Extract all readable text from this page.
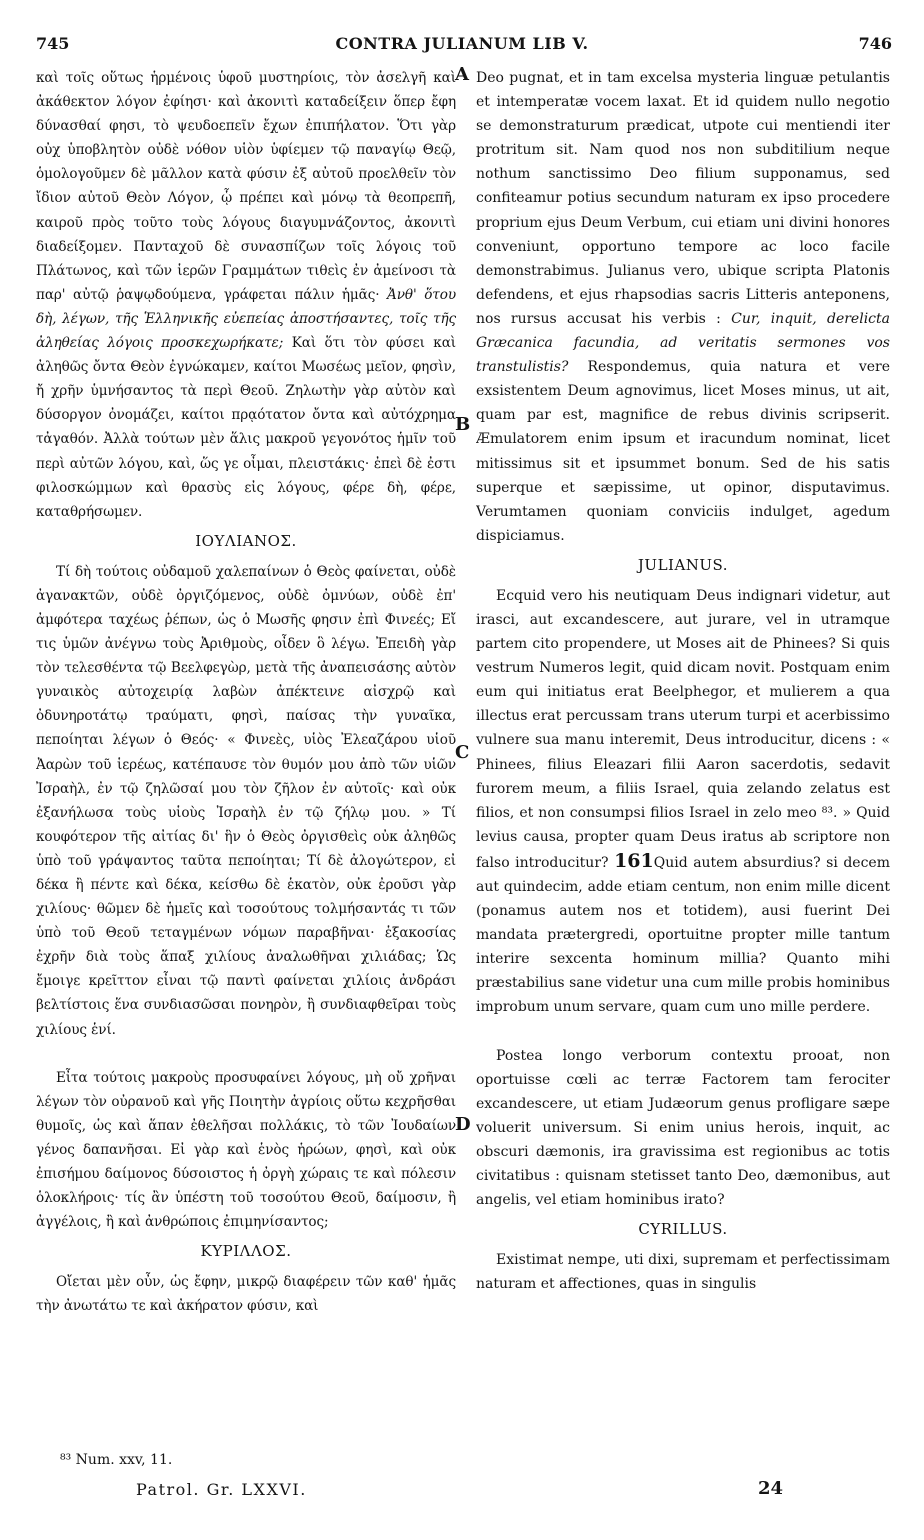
745	CONTRA JULIANUM LIB V.	746
A
B
C
D

καὶ τοῖς οὕτως ἡρμένοις ὑφοῦ μυστηρίοις, τὸν ἀσελγῆ καὶ ἀκάθεκτον λόγον ἐφίησι· καὶ ἀκονιτὶ καταδείξειν ὅπερ ἔφη δύνασθαί φησι, τὸ ψευδοεπεῖν ἔχων ἐπιπήλατον. Ὅτι γὰρ οὐχ ὑποβλητὸν οὐδὲ νόθον υἱὸν ὑφίεμεν τῷ παναγίῳ Θεῷ, ὁμολογοῦμεν δὲ μᾶλλον κατὰ φύσιν ἐξ αὐτοῦ προελθεῖν τὸν ἴδιον αὐτοῦ Θεὸν Λόγον, ᾧ πρέπει καὶ μόνῳ τὰ θεοπρεπῆ, καιροῦ πρὸς τοῦτο τοὺς λόγους διαγυμνάζοντος, ἀκονιτὶ διαδείξομεν. Πανταχοῦ δὲ συνασπίζων τοῖς λόγοις τοῦ Πλάτωνος, καὶ τῶν ἱερῶν Γραμμάτων τιθεὶς ἐν ἀμείνοσι τὰ παρ' αὐτῷ ῥαψῳδούμενα, γράφεται πάλιν ἡμᾶς· Ἀνθ' ὅτου δὴ, λέγων, τῆς Ἑλληνικῆς εὐεπείας ἀποστήσαντες, τοῖς τῆς ἀληθείας λόγοις προσκεχωρήκατε; Καὶ ὅτι τὸν φύσει καὶ ἀληθῶς ὄντα Θεὸν ἐγνώκαμεν, καίτοι Μωσέως μεῖον, φησὶν, ἤ χρῆν ὑμνήσαντος τὰ περὶ Θεοῦ. Ζηλωτὴν γὰρ αὐτὸν καὶ δύσοργον ὀνομάζει, καίτοι πρᾳότατον ὄντα καὶ αὐτόχρημα τἀγαθόν. Ἀλλὰ τούτων μὲν ἅλις μακροῦ γεγονότος ἡμῖν τοῦ περὶ αὐτῶν λόγου, καὶ, ὥς γε οἶμαι, πλειστάκις· ἐπεὶ δὲ ἐστι φιλοσκώμμων καὶ θρασὺς εἰς λόγους, φέρε δὴ, φέρε, καταθρήσωμεν.

ΙΟΥΛΙΑΝΟΣ.

Τί δὴ τούτοις οὐδαμοῦ χαλεπαίνων ὁ Θεὸς φαίνεται, οὐδὲ ἀγανακτῶν, οὐδὲ ὀργιζόμενος, οὐδὲ ὀμνύων, οὐδὲ ἐπ' ἀμφότερα ταχέως ῥέπων, ὡς ὁ Μωσῆς φησιν ἐπὶ Φινεές; Εἴ τις ὑμῶν ἀνέγνω τοὺς Ἀριθμοὺς, οἶδεν ὃ λέγω. Ἐπειδὴ γὰρ τὸν τελεσθέντα τῷ Βεελφεγὼρ, μετὰ τῆς ἀναπεισάσης αὐτὸν γυναικὸς αὐτοχειρίᾳ λαβὼν ἀπέκτεινε αἰσχρῷ καὶ ὀδυνηροτάτῳ τραύματι, φησὶ, παίσας τὴν γυναῖκα, πεποίηται λέγων ὁ Θεός· « Φινεὲς, υἱὸς Ἐλεαζάρου υἱοῦ Ἀαρὼν τοῦ ἱερέως, κατέπαυσε τὸν θυμόν μου ἀπὸ τῶν υἱῶν Ἰσραὴλ, ἐν τῷ ζηλῶσαί μου τὸν ζῆλον ἐν αὐτοῖς· καὶ οὐκ ἐξανήλωσα τοὺς υἱοὺς Ἰσραὴλ ἐν τῷ ζήλῳ μου. » Τί κουφότερον τῆς αἰτίας δι' ἣν ὁ Θεὸς ὀργισθεὶς οὐκ ἀληθῶς ὑπὸ τοῦ γράψαντος ταῦτα πεποίηται; Τί δὲ ἀλογώτερον, εἰ δέκα ἢ πέντε καὶ δέκα, κείσθω δὲ ἑκατὸν, οὐκ ἐροῦσι γὰρ χιλίους· θῶμεν δὲ ἡμεῖς καὶ τοσούτους τολμήσαντάς τι τῶν ὑπὸ τοῦ Θεοῦ τεταγμένων νόμων παραβῆναι· ἑξακοσίας ἐχρῆν διὰ τοὺς ἅπαξ χιλίους ἀναλωθῆναι χιλιάδας; Ὡς ἔμοιγε κρεῖττον εἶναι τῷ παντὶ φαίνεται χιλίοις ἀνδράσι βελτίστοις ἕνα συνδιασῶσαι πονηρὸν, ἢ συνδιαφθεῖραι τοὺς χιλίους ἑνί.

Εἶτα τούτοις μακροὺς προσυφαίνει λόγους, μὴ οὔ χρῆναι λέγων τὸν οὐρανοῦ καὶ γῆς Ποιητὴν ἀγρίοις οὕτω κεχρῆσθαι θυμοῖς, ὡς καὶ ἅπαν ἐθελῆσαι πολλάκις, τὸ τῶν Ἰουδαίων γένος δαπανῆσαι. Εἰ γὰρ καὶ ἑνὸς ἡρώων, φησὶ, καὶ οὐκ ἐπισήμου δαίμονος δύσοιστος ἡ ὀργὴ χώραις τε καὶ πόλεσιν ὁλοκλήροις· τίς ἂν ὑπέστη τοῦ τοσούτου Θεοῦ, δαίμοσιν, ἢ ἀγγέλοις, ἢ καὶ ἀνθρώποις ἐπιμηνίσαντος;

ΚΥΡΙΛΛΟΣ.

Οἴεται μὲν οὖν, ὡς ἔφην, μικρῷ διαφέρειν τῶν καθ' ἡμᾶς τὴν ἀνωτάτω τε καὶ ἀκήρατον φύσιν, καὶ

Deo pugnat, et in tam excelsa mysteria linguæ petulantis et intemperatæ vocem laxat. Et id quidem nullo negotio se demonstraturum prædicat, utpote cui mentiendi iter protritum sit. Nam quod nos non subditilium neque nothum sanctissimo Deo filium supponamus, sed confiteamur potius secundum naturam ex ipso procedere proprium ejus Deum Verbum, cui etiam uni divini honores conveniunt, opportuno tempore ac loco facile demonstrabimus. Julianus vero, ubique scripta Platonis defendens, et ejus rhapsodias sacris Litteris anteponens, nos rursus accusat his verbis : Cur, inquit, derelicta Græcanica facundia, ad veritatis sermones vos transtulistis? Respondemus, quia natura et vere exsistentem Deum agnovimus, licet Moses minus, ut ait, quam par est, magnifice de rebus divinis scripserit. Æmulatorem enim ipsum et iracundum nominat, licet mitissimus sit et ipsummet bonum. Sed de his satis superque et sæpissime, ut opinor, disputavimus. Verumtamen quoniam conviciis indulget, agedum dispiciamus.

JULIANUS.

Ecquid vero his neutiquam Deus indignari videtur, aut irasci, aut excandescere, aut jurare, vel in utramque partem cito propendere, ut Moses ait de Phinees? Si quis vestrum Numeros legit, quid dicam novit. Postquam enim eum qui initiatus erat Beelphegor, et mulierem a qua illectus erat percussam trans uterum turpi et acerbissimo vulnere sua manu interemit, Deus introducitur, dicens : « Phinees, filius Eleazari filii Aaron sacerdotis, sedavit furorem meum, a filiis Israel, quia zelando zelatus est filios, et non consumpsi filios Israel in zelo meo ⁸³. » Quid levius causa, propter quam Deus iratus ab scriptore non falso introducitur? 161Quid autem absurdius? si decem aut quindecim, adde etiam centum, non enim mille dicent (ponamus autem nos et totidem), ausi fuerint Dei mandata prætergredi, oportuitne propter mille tantum interire sexcenta hominum millia? Quanto mihi præstabilius sane videtur una cum mille probis hominibus improbum unum servare, quam cum uno mille perdere.

Postea longo verborum contextu prooat, non oportuisse cœli ac terræ Factorem tam ferociter excandescere, ut etiam Judæorum genus profligare sæpe voluerit universum. Si enim unius herois, inquit, ac obscuri dæmonis, ira gravissima est regionibus ac totis civitatibus : quisnam stetisset tanto Deo, dæmonibus, aut angelis, vel etiam hominibus irato?

CYRILLUS.

Existimat nempe, uti dixi, supremam et perfectissimam naturam et affectiones, quas in singulis

⁸³ Num. xxv, 11.
Patrol. Gr. LXXVI.	24
